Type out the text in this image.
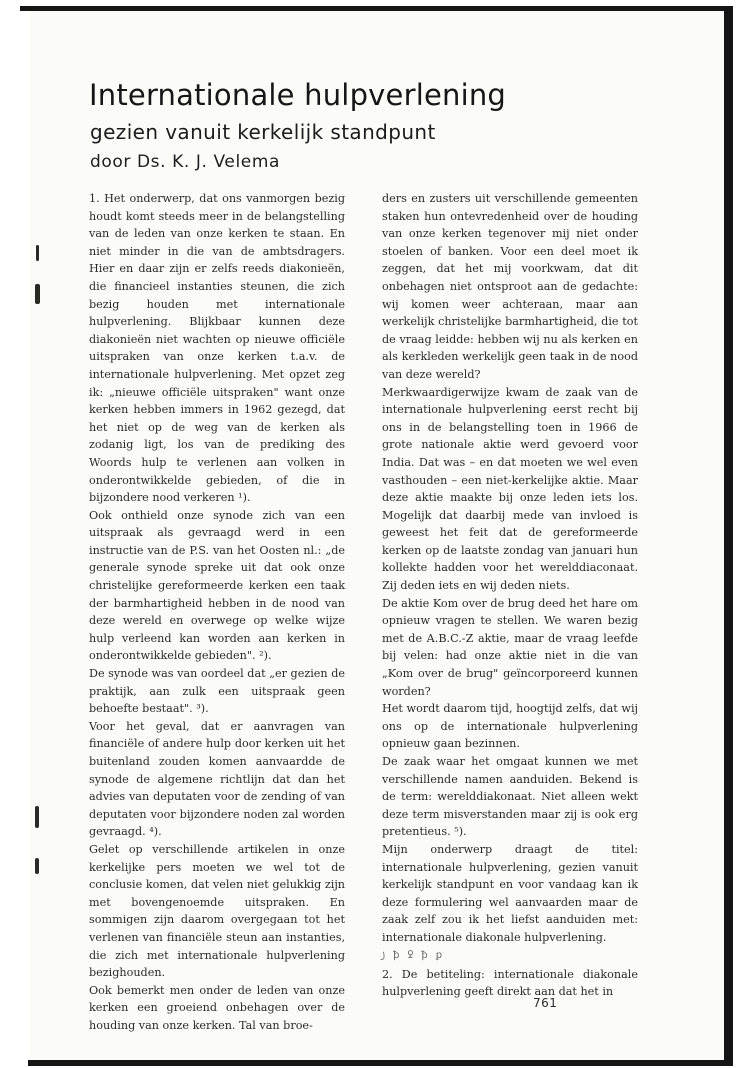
Internationale hulpverlening
gezien vanuit kerkelijk standpunt

door Ds. K. J. Velema

1. Het onderwerp, dat ons vanmorgen bezig houdt komt steeds meer in de belangstelling van de leden van onze kerken te staan. En niet minder in die van de ambtsdragers. Hier en daar zijn er zelfs reeds diakonieën, die financieel instanties steunen, die zich bezig houden met internationale hulpverlening. Blijkbaar kunnen deze diakonieën niet wachten op nieuwe officiële uitspraken van onze kerken t.a.v. de internationale hulpverlening. Met opzet zeg ik: „nieuwe officiële uitspraken" want onze kerken hebben immers in 1962 gezegd, dat het niet op de weg van de kerken als zodanig ligt, los van de prediking des Woords hulp te verlenen aan volken in onderontwikkelde gebieden, of die in bijzondere nood verkeren ¹).

Ook onthield onze synode zich van een uitspraak als gevraagd werd in een instructie van de P.S. van het Oosten nl.: „de generale synode spreke uit dat ook onze christelijke gereformeerde kerken een taak der barmhartigheid hebben in de nood van deze wereld en overwege op welke wijze hulp verleend kan worden aan kerken in onderontwikkelde gebieden". ²).

De synode was van oordeel dat „er gezien de praktijk, aan zulk een uitspraak geen behoefte bestaat". ³).

Voor het geval, dat er aanvragen van financiële of andere hulp door kerken uit het buitenland zouden komen aanvaardde de synode de algemene richtlijn dat dan het advies van deputaten voor de zending of van deputaten voor bijzondere noden zal worden gevraagd. ⁴).

Gelet op verschillende artikelen in onze kerkelijke pers moeten we wel tot de conclusie komen, dat velen niet gelukkig zijn met bovengenoemde uitspraken. En sommigen zijn daarom overgegaan tot het verlenen van financiële steun aan instanties, die zich met internationale hulpverlening bezighouden.

Ook bemerkt men onder de leden van onze kerken een groeiend onbehagen over de houding van onze kerken. Tal van broe-

ders en zusters uit verschillende gemeenten staken hun ontevredenheid over de houding van onze kerken tegenover mij niet onder stoelen of banken. Voor een deel moet ik zeggen, dat het mij voorkwam, dat dit onbehagen niet ontsproot aan de gedachte: wij komen weer achteraan, maar aan werkelijk christelijke barmhartigheid, die tot de vraag leidde: hebben wij nu als kerken en als kerkleden werkelijk geen taak in de nood van deze wereld?

Merkwaardigerwijze kwam de zaak van de internationale hulpverlening eerst recht bij ons in de belangstelling toen in 1966 de grote nationale aktie werd gevoerd voor India. Dat was – en dat moeten we wel even vasthouden – een niet-kerkelijke aktie. Maar deze aktie maakte bij onze leden iets los. Mogelijk dat daarbij mede van invloed is geweest het feit dat de gereformeerde kerken op de laatste zondag van januari hun kollekte hadden voor het werelddiaconaat. Zij deden iets en wij deden niets.

De aktie Kom over de brug deed het hare om opnieuw vragen te stellen. We waren bezig met de A.B.C.-Z aktie, maar de vraag leefde bij velen: had onze aktie niet in die van „Kom over de brug" geïncorporeerd kunnen worden?

Het wordt daarom tijd, hoogtijd zelfs, dat wij ons op de internationale hulpverlening opnieuw gaan bezinnen.

De zaak waar het omgaat kunnen we met verschillende namen aanduiden. Bekend is de term: werelddiakonaat. Niet alleen wekt deze term misverstanden maar zij is ook erg pretentieus. ⁵).

Mijn onderwerp draagt de titel: internationale hulpverlening, gezien vanuit kerkelijk standpunt en voor vandaag kan ik deze formulering wel aanvaarden maar de zaak zelf zou ik het liefst aanduiden met: internationale diakonale hulpverlening.

꠸ ꝥ ꝿ ꝥ ꝑ

2. De betiteling: internationale diakonale hulpverlening geeft direkt aan dat het in

761
